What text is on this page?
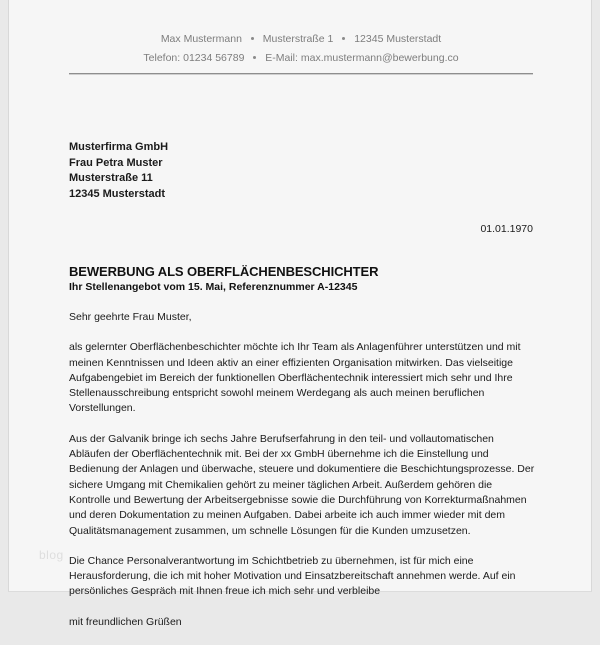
Max Mustermann Musterstraße 1 12345 Musterstadt
Telefon: 01234 56789 E-Mail: max.mustermann@bewerbung.co
Musterfirma GmbH
Frau Petra Muster
Musterstraße 11
12345 Musterstadt
01.01.1970
BEWERBUNG ALS OBERFLÄCHENBESCHICHTER
Ihr Stellenangebot vom 15. Mai, Referenznummer A-12345

Sehr geehrte Frau Muster,

als gelernter Oberflächenbeschichter möchte ich Ihr Team als Anlagenführer unterstützen und mit meinen Kenntnissen und Ideen aktiv an einer effizienten Organisation mitwirken. Das vielseitige Aufgabengebiet im Bereich der funktionellen Oberflächentechnik interessiert mich sehr und Ihre Stellenausschreibung entspricht sowohl meinem Werdegang als auch meinen beruflichen Vorstellungen.

Aus der Galvanik bringe ich sechs Jahre Berufserfahrung in den teil- und vollautomatischen Abläufen der Oberflächentechnik mit. Bei der xx GmbH übernehme ich die Einstellung und Bedienung der Anlagen und überwache, steuere und dokumentiere die Beschichtungsprozesse. Der sichere Umgang mit Chemikalien gehört zu meiner täglichen Arbeit. Außerdem gehören die Kontrolle und Bewertung der Arbeitsergebnisse sowie die Durchführung von Korrekturmaßnahmen und deren Dokumentation zu meinen Aufgaben. Dabei arbeite ich auch immer wieder mit dem Qualitätsmanagement zusammen, um schnelle Lösungen für die Kunden umzusetzen.

Die Chance Personalverantwortung im Schichtbetrieb zu übernehmen, ist für mich eine Herausforderung, die ich mit hoher Motivation und Einsatzbereitschaft annehmen werde. Auf ein persönliches Gespräch mit Ihnen freue ich mich sehr und verbleibe

mit freundlichen Grüßen

blog
